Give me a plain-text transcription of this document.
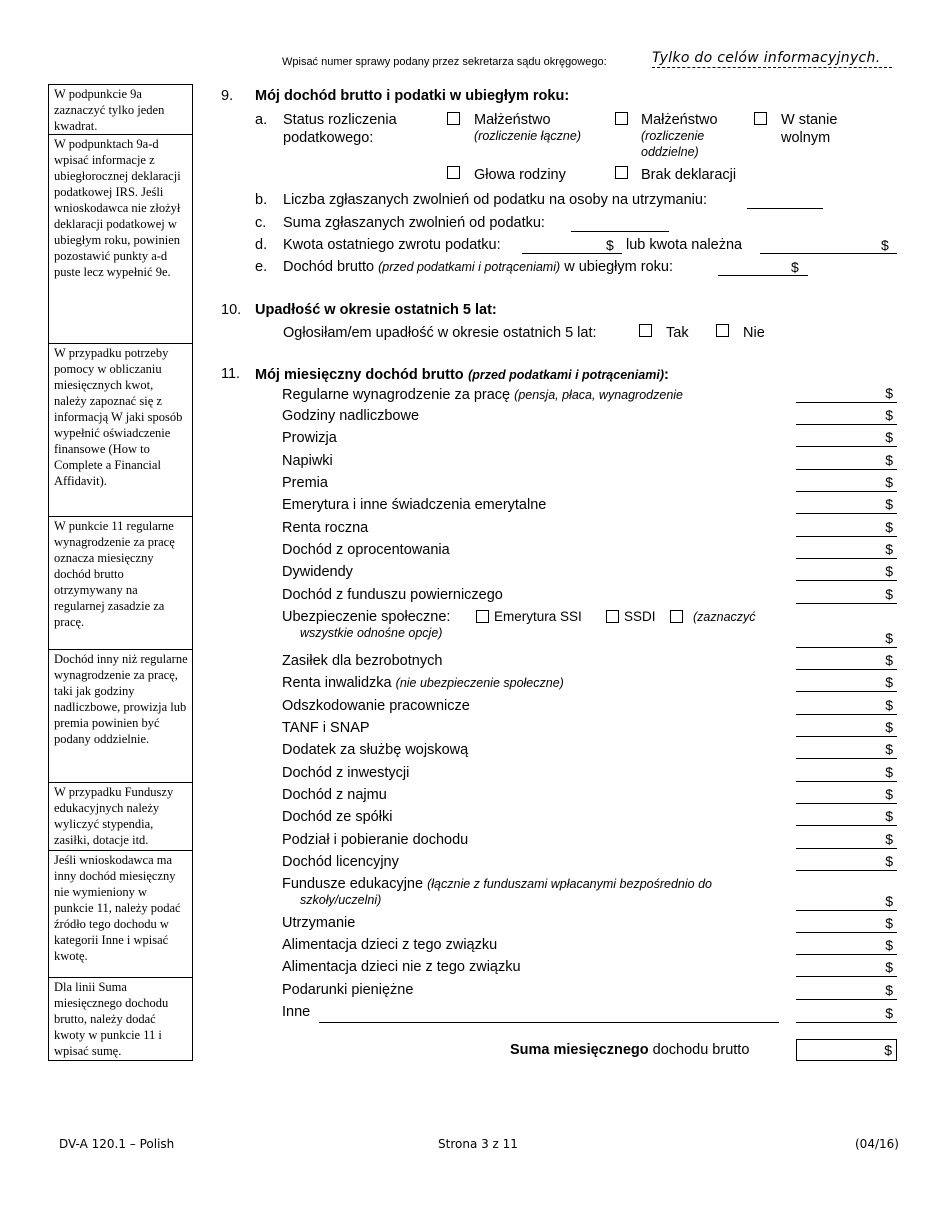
Wpisać numer sprawy podany przez sekretarza sądu okręgowego:	Tylko do celów informacyjnych.
W podpunkcie 9a zaznaczyć tylko jeden kwadrat.
W podpunktach 9a-d wpisać informacje z ubiegłorocznej deklaracji podatkowej IRS. Jeśli wnioskodawca nie złożył deklaracji podatkowej w ubiegłym roku, powinien pozostawić punkty a-d puste lecz wypełnić 9e.
W przypadku potrzeby pomocy w obliczaniu miesięcznych kwot, należy zapoznać się z informacją W jaki sposób wypełnić oświadczenie finansowe (How to Complete a Financial Affidavit).
W punkcie 11 regularne wynagrodzenie za pracę oznacza miesięczny dochód brutto otrzymywany na regularnej zasadzie za pracę.
Dochód inny niż regularne wynagrodzenie za pracę, taki jak godziny nadliczbowe, prowizja lub premia powinien być podany oddzielnie.
W przypadku Funduszy edukacyjnych należy wyliczyć stypendia, zasiłki, dotacje itd.
Jeśli wnioskodawca ma inny dochód miesięczny nie wymieniony w punkcie 11, należy podać źródło tego dochodu w kategorii Inne i wpisać kwotę.
Dla linii Suma miesięcznego dochodu brutto, należy dodać kwoty w punkcie 11 i wpisać sumę.
9. Mój dochód brutto i podatki w ubiegłym roku:
a. Status rozliczenia
podatkowego:
Małżeństwo
(rozliczenie łączne)
Małżeństwo
(rozliczenie
oddzielne)
W stanie
wolnym
Głowa rodziny	Brak deklaracji
b. Liczba zgłaszanych zwolnień od podatku na osoby na utrzymaniu:
c. Suma zgłaszanych zwolnień od podatku:
d. Kwota ostatniego zwrotu podatku:	$ lub kwota należna	$
e. Dochód brutto (przed podatkami i potrąceniami) w ubiegłym roku:	$
10. Upadłość w okresie ostatnich 5 lat:
Ogłosiłam/em upadłość w okresie ostatnich 5 lat:	Tak	Nie
11. Mój miesięczny dochód brutto (przed podatkami i potrąceniami):
Regularne wynagrodzenie za pracę (pensja, płaca, wynagrodzenie	$
Godziny nadliczbowe	$
Prowizja	$
Napiwki	$
Premia	$
Emerytura i inne świadczenia emerytalne	$
Renta roczna	$
Dochód z oprocentowania	$
Dywidendy	$
Dochód z funduszu powierniczego	$
Ubezpieczenie społeczne:	Emerytura SSI	SSDI	(zaznaczyć
wszystkie odnośne opcje)	$
Zasiłek dla bezrobotnych	$
Renta inwalidzka (nie ubezpieczenie społeczne)	$
Odszkodowanie pracownicze	$
TANF i SNAP	$
Dodatek za służbę wojskową	$
Dochód z inwestycji	$
Dochód z najmu	$
Dochód ze spółki	$
Podział i pobieranie dochodu	$
Dochód licencyjny	$
Fundusze edukacyjne (łącznie z funduszami wpłacanymi bezpośrednio do
szkoły/uczelni)	$
Utrzymanie	$
Alimentacja dzieci z tego związku	$
Alimentacja dzieci nie z tego związku	$
Podarunki pieniężne	$
Inne	$
Suma miesięcznego dochodu brutto	$
DV-A 120.1 – Polish	Strona 3 z 11	(04/16)
